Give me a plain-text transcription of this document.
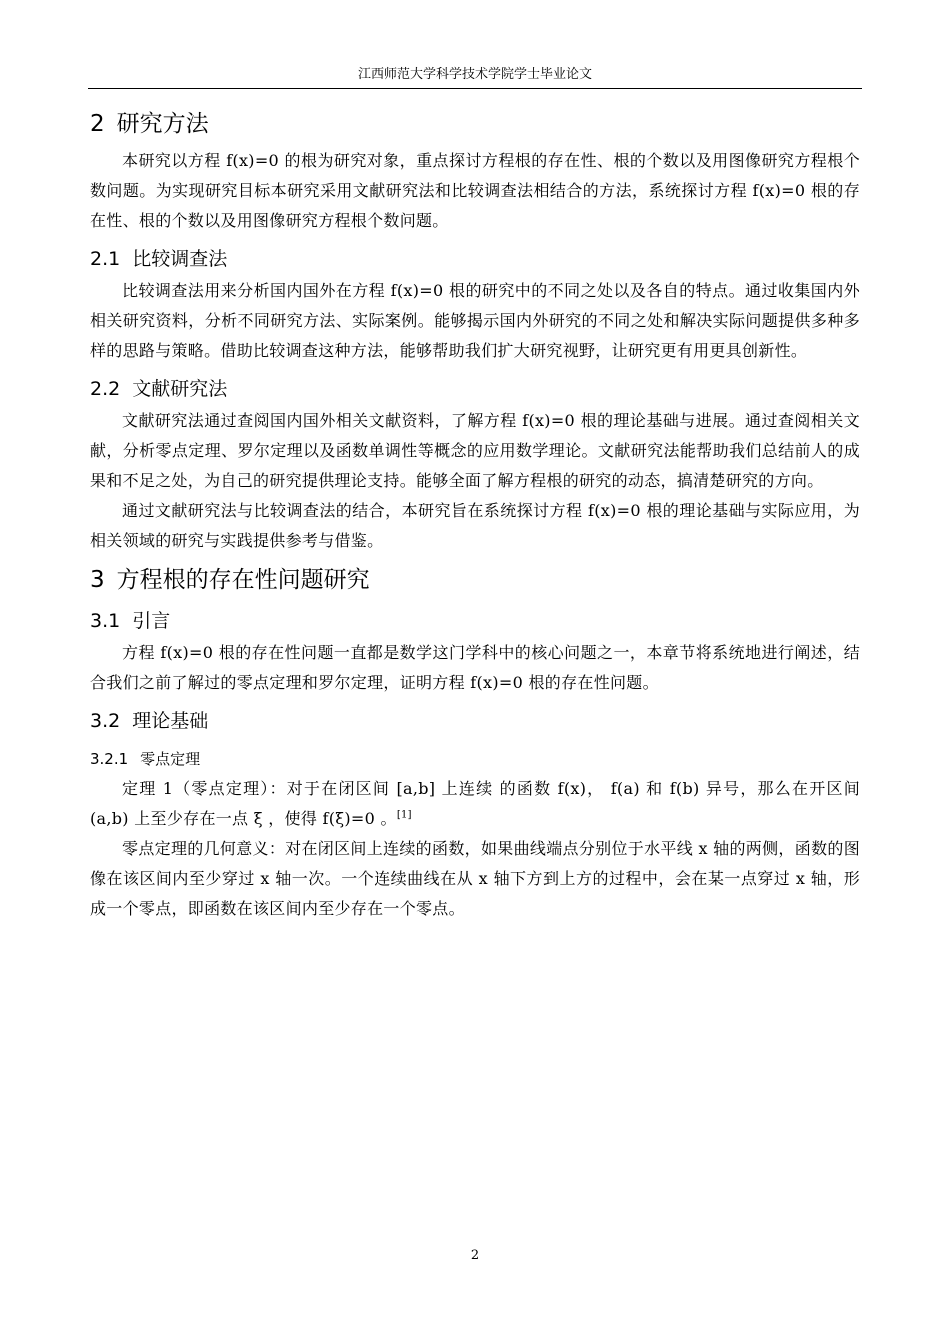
江西师范大学科学技术学院学士毕业论文
2 研究方法

本研究以方程 f(x)=0 的根为研究对象，重点探讨方程根的存在性、根的个数以及用图像研究方程根个数问题。为实现研究目标本研究采用文献研究法和比较调查法相结合的方法，系统探讨方程 f(x)=0 根的存在性、根的个数以及用图像研究方程根个数问题。

2.1 比较调查法

比较调查法用来分析国内国外在方程 f(x)=0 根的研究中的不同之处以及各自的特点。通过收集国内外相关研究资料，分析不同研究方法、实际案例。能够揭示国内外研究的不同之处和解决实际问题提供多种多样的思路与策略。借助比较调查这种方法，能够帮助我们扩大研究视野，让研究更有用更具创新性。

2.2 文献研究法

文献研究法通过查阅国内国外相关文献资料，了解方程 f(x)=0 根的理论基础与进展。通过查阅相关文献，分析零点定理、罗尔定理以及函数单调性等概念的应用数学理论。文献研究法能帮助我们总结前人的成果和不足之处，为自己的研究提供理论支持。能够全面了解方程根的研究的动态，搞清楚研究的方向。

通过文献研究法与比较调查法的结合，本研究旨在系统探讨方程 f(x)=0 根的理论基础与实际应用，为相关领域的研究与实践提供参考与借鉴。

3 方程根的存在性问题研究
3.1 引言

方程 f(x)=0 根的存在性问题一直都是数学这门学科中的核心问题之一，本章节将系统地进行阐述，结合我们之前了解过的零点定理和罗尔定理，证明方程 f(x)=0 根的存在性问题。

3.2 理论基础
3.2.1 零点定理

定理 1（零点定理）：对于在闭区间 [a,b] 上连续 的函数 f(x)， f(a) 和 f(b) 异号，那么在开区间 (a,b) 上至少存在一点 ξ ，使得 f(ξ)=0 。[1]

零点定理的几何意义：对在闭区间上连续的函数，如果曲线端点分别位于水平线 x 轴的两侧，函数的图像在该区间内至少穿过 x 轴一次。一个连续曲线在从 x 轴下方到上方的过程中，会在某一点穿过 x 轴，形成一个零点，即函数在该区间内至少存在一个零点。

2
